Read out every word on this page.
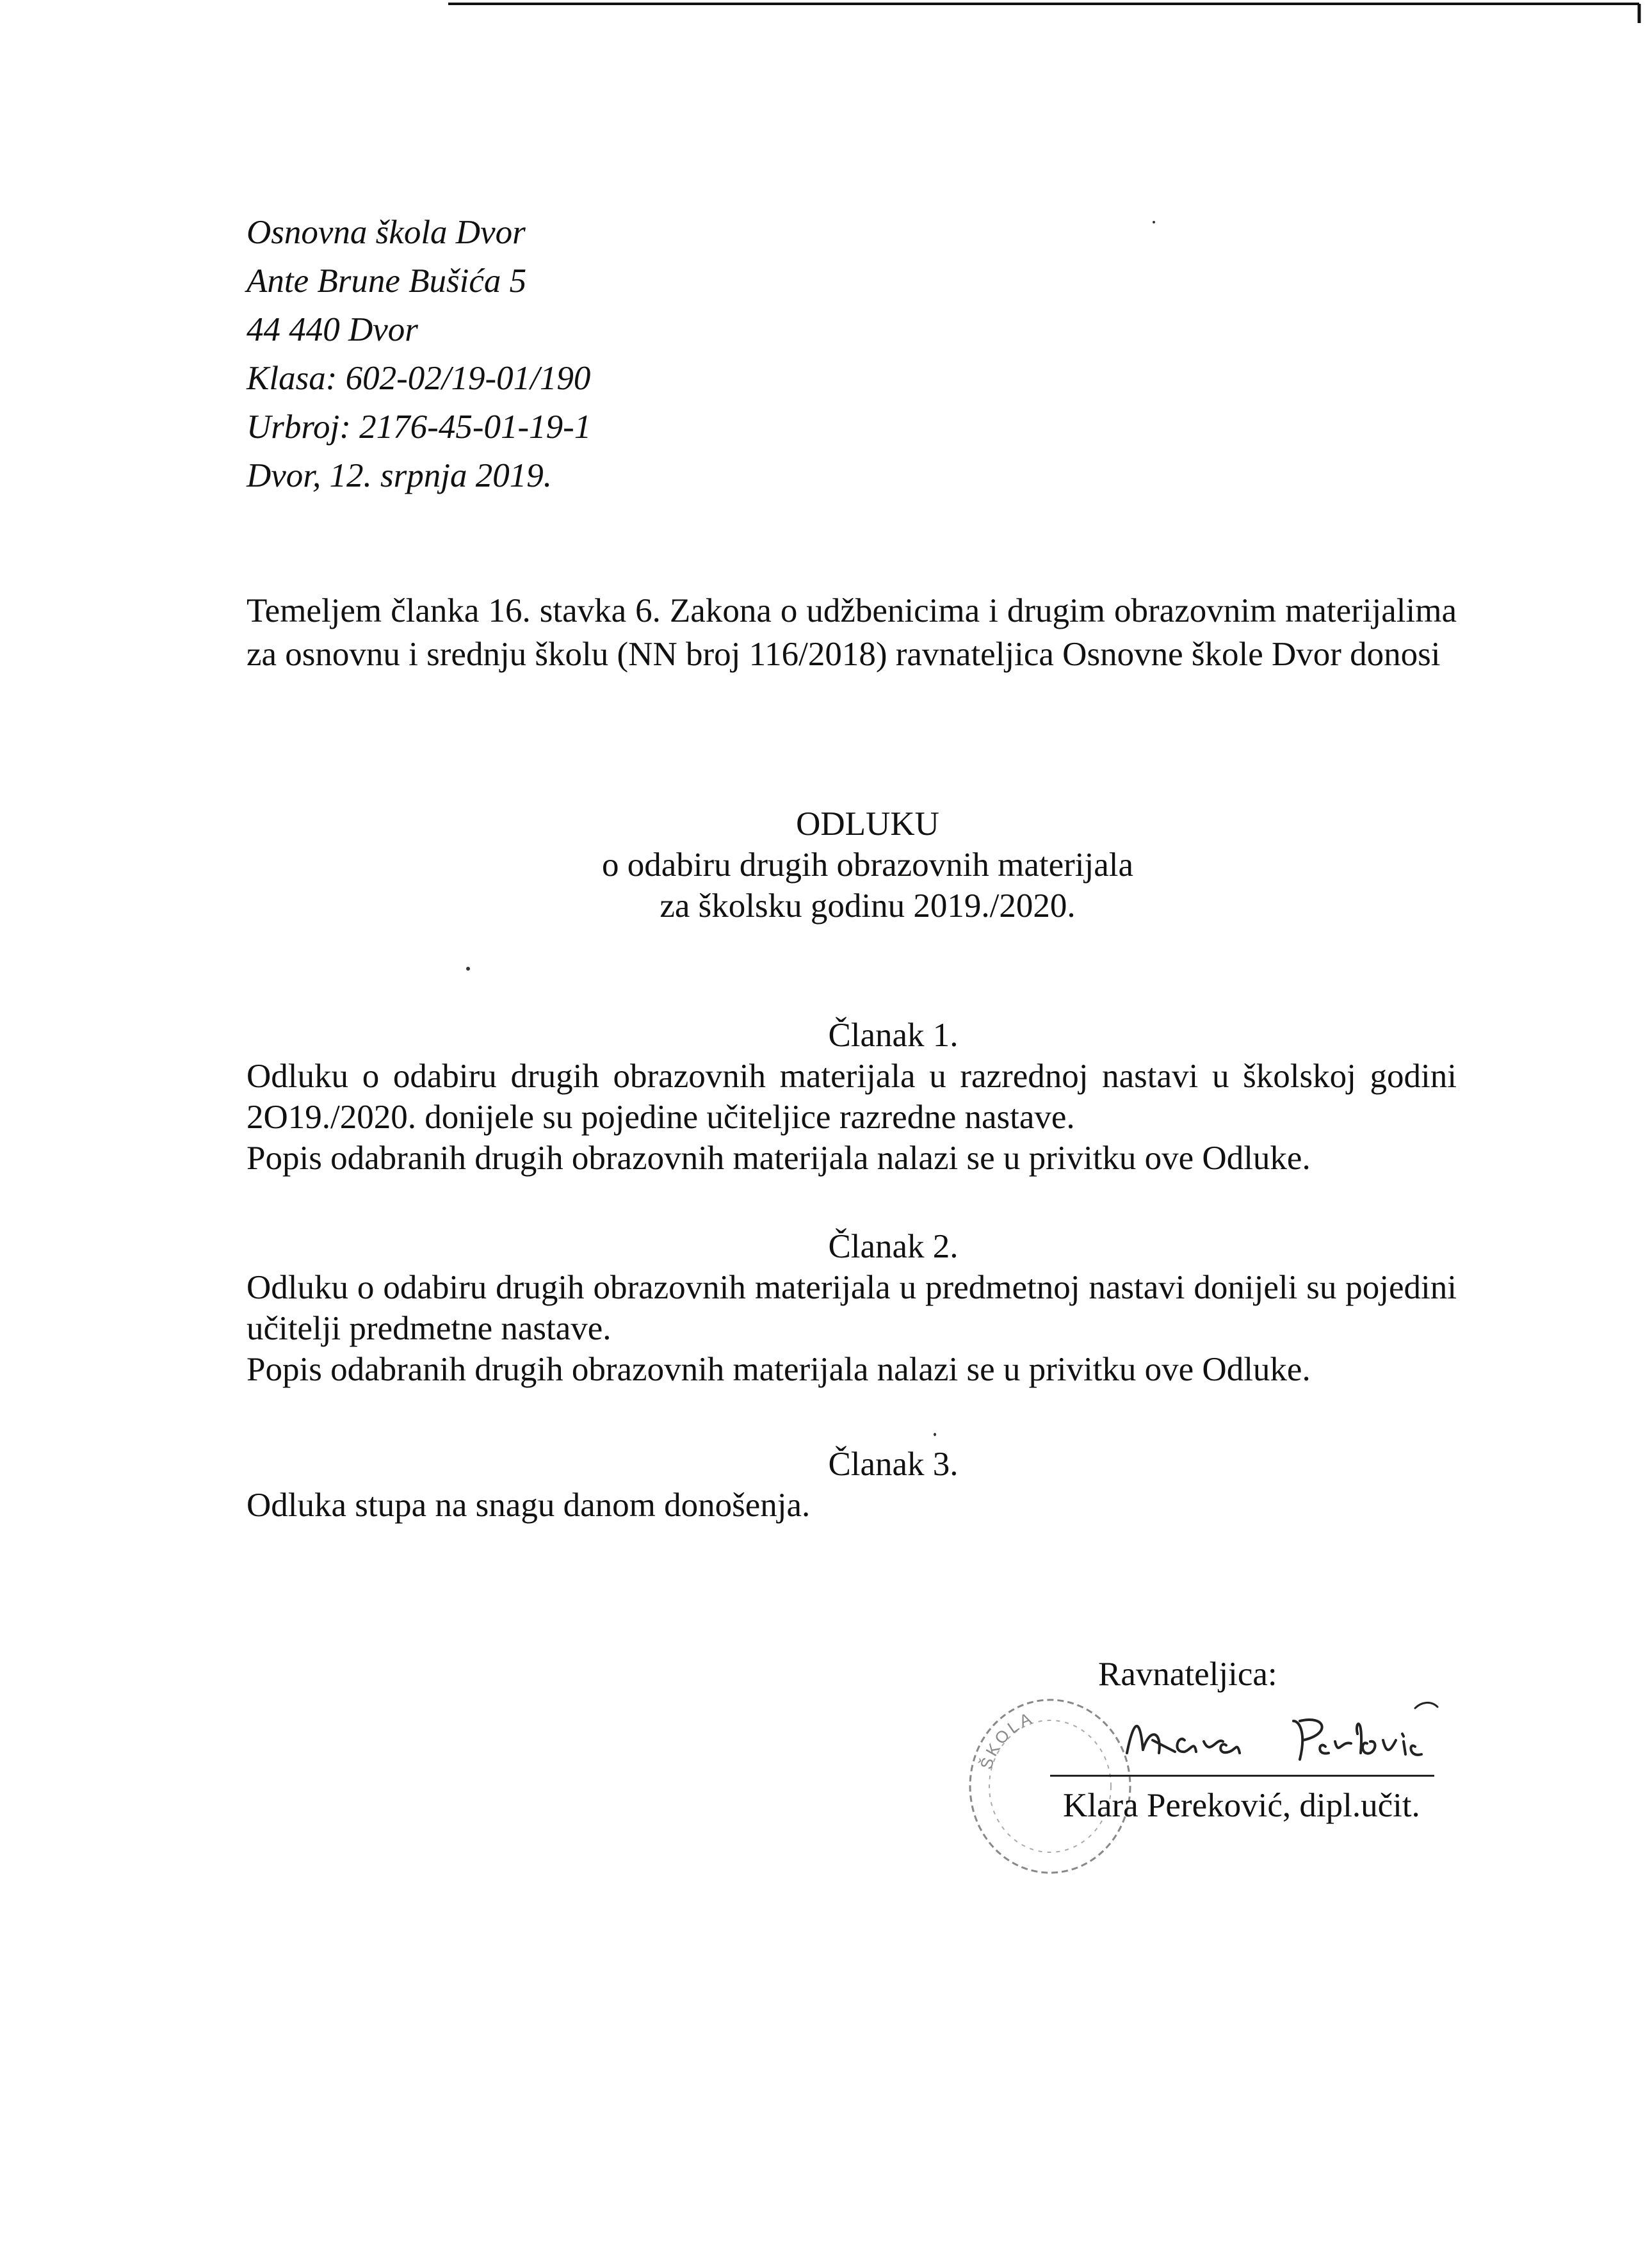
Osnovna škola Dvor
Ante Brune Bušića 5
44 440 Dvor
Klasa: 602-02/19-01/190
Urbroj: 2176-45-01-19-1
Dvor, 12. srpnja 2019.
Temeljem članka 16. stavka 6. Zakona o udžbenicima i drugim obrazovnim materijalima za osnovnu i srednju školu (NN broj 116/2018) ravnateljica Osnovne škole Dvor donosi
ODLUKU
o odabiru drugih obrazovnih materijala
za školsku godinu 2019./2020.
Članak 1.
Odluku o odabiru drugih obrazovnih materijala u razrednoj nastavi u školskoj godini 2O19./2020. donijele su pojedine učiteljice razredne nastave.
Popis odabranih drugih obrazovnih materijala nalazi se u privitku ove Odluke.
Članak 2.
Odluku o odabiru drugih obrazovnih materijala u predmetnoj nastavi donijeli su pojedini učitelji predmetne nastave.
Popis odabranih drugih obrazovnih materijala nalazi se u privitku ove Odluke.
Članak 3.
Odluka stupa na snagu danom donošenja.
Ravnateljica:
ŠKOLA
Klara Pereković, dipl.učit.
